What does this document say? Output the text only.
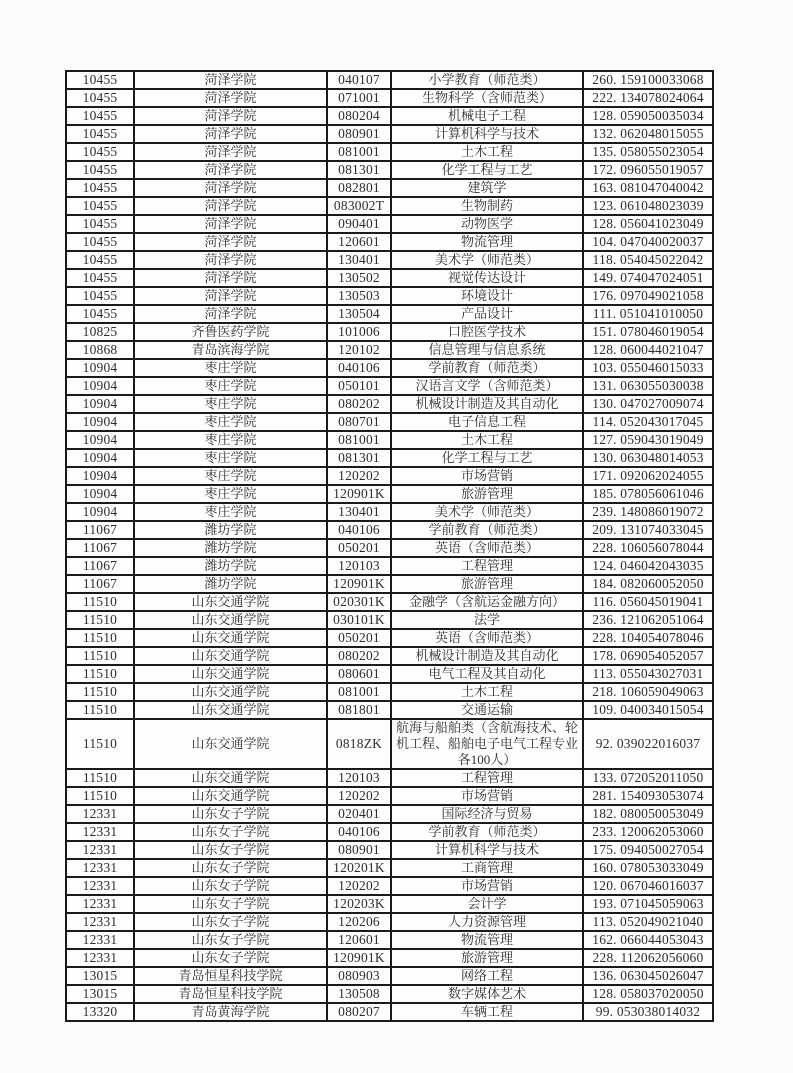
10455	菏泽学院	040107	小学教育（师范类）	260. 159100033068
10455	菏泽学院	071001	生物科学（含师范类）	222. 134078024064
10455	菏泽学院	080204	机械电子工程	128. 059050035034
10455	菏泽学院	080901	计算机科学与技术	132. 062048015055
10455	菏泽学院	081001	土木工程	135. 058055023054
10455	菏泽学院	081301	化学工程与工艺	172. 096055019057
10455	菏泽学院	082801	建筑学	163. 081047040042
10455	菏泽学院	083002T	生物制药	123. 061048023039
10455	菏泽学院	090401	动物医学	128. 056041023049
10455	菏泽学院	120601	物流管理	104. 047040020037
10455	菏泽学院	130401	美术学（师范类）	118. 054045022042
10455	菏泽学院	130502	视觉传达设计	149. 074047024051
10455	菏泽学院	130503	环境设计	176. 097049021058
10455	菏泽学院	130504	产品设计	111. 051041010050
10825	齐鲁医药学院	101006	口腔医学技术	151. 078046019054
10868	青岛滨海学院	120102	信息管理与信息系统	128. 060044021047
10904	枣庄学院	040106	学前教育（师范类）	103. 055046015033
10904	枣庄学院	050101	汉语言文学（含师范类）	131. 063055030038
10904	枣庄学院	080202	机械设计制造及其自动化	130. 047027009074
10904	枣庄学院	080701	电子信息工程	114. 052043017045
10904	枣庄学院	081001	土木工程	127. 059043019049
10904	枣庄学院	081301	化学工程与工艺	130. 063048014053
10904	枣庄学院	120202	市场营销	171. 092062024055
10904	枣庄学院	120901K	旅游管理	185. 078056061046
10904	枣庄学院	130401	美术学（师范类）	239. 148086019072
11067	潍坊学院	040106	学前教育（师范类）	209. 131074033045
11067	潍坊学院	050201	英语（含师范类）	228. 106056078044
11067	潍坊学院	120103	工程管理	124. 046042043035
11067	潍坊学院	120901K	旅游管理	184. 082060052050
11510	山东交通学院	020301K	金融学（含航运金融方向）	116. 056045019041
11510	山东交通学院	030101K	法学	236. 121062051064
11510	山东交通学院	050201	英语（含师范类）	228. 104054078046
11510	山东交通学院	080202	机械设计制造及其自动化	178. 069054052057
11510	山东交通学院	080601	电气工程及其自动化	113. 055043027031
11510	山东交通学院	081001	土木工程	218. 106059049063
11510	山东交通学院	081801	交通运输	109. 040034015054
11510	山东交通学院	0818ZK	航海与船舶类（含航海技术、轮机工程、船舶电子电气工程专业各100人）	92. 039022016037
11510	山东交通学院	120103	工程管理	133. 072052011050
11510	山东交通学院	120202	市场营销	281. 154093053074
12331	山东女子学院	020401	国际经济与贸易	182. 080050053049
12331	山东女子学院	040106	学前教育（师范类）	233. 120062053060
12331	山东女子学院	080901	计算机科学与技术	175. 094050027054
12331	山东女子学院	120201K	工商管理	160. 078053033049
12331	山东女子学院	120202	市场营销	120. 067046016037
12331	山东女子学院	120203K	会计学	193. 071045059063
12331	山东女子学院	120206	人力资源管理	113. 052049021040
12331	山东女子学院	120601	物流管理	162. 066044053043
12331	山东女子学院	120901K	旅游管理	228. 112062056060
13015	青岛恒星科技学院	080903	网络工程	136. 063045026047
13015	青岛恒星科技学院	130508	数字媒体艺术	128. 058037020050
13320	青岛黄海学院	080207	车辆工程	99. 053038014032
